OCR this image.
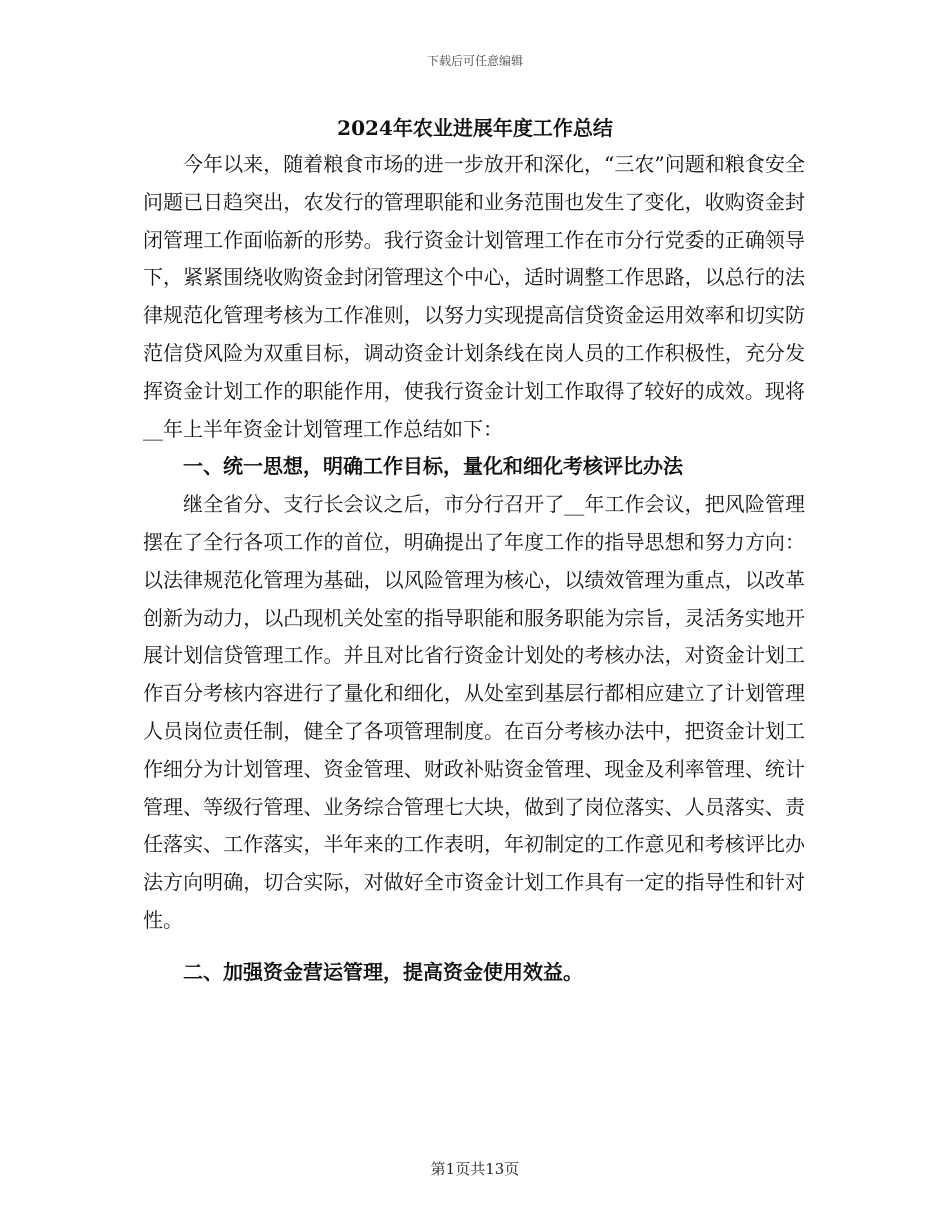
下载后可任意编辑
2024年农业进展年度工作总结

今年以来，随着粮食市场的进一步放开和深化，“三农”问题和粮食安全问题已日趋突出，农发行的管理职能和业务范围也发生了变化，收购资金封闭管理工作面临新的形势。我行资金计划管理工作在市分行党委的正确领导下，紧紧围绕收购资金封闭管理这个中心，适时调整工作思路，以总行的法律规范化管理考核为工作准则，以努力实现提高信贷资金运用效率和切实防范信贷风险为双重目标，调动资金计划条线在岗人员的工作积极性，充分发挥资金计划工作的职能作用，使我行资金计划工作取得了较好的成效。现将__年上半年资金计划管理工作总结如下：

一、统一思想，明确工作目标，量化和细化考核评比办法

继全省分、支行长会议之后，市分行召开了__年工作会议，把风险管理摆在了全行各项工作的首位，明确提出了年度工作的指导思想和努力方向：以法律规范化管理为基础，以风险管理为核心，以绩效管理为重点，以改革创新为动力，以凸现机关处室的指导职能和服务职能为宗旨，灵活务实地开展计划信贷管理工作。并且对比省行资金计划处的考核办法，对资金计划工作百分考核内容进行了量化和细化，从处室到基层行都相应建立了计划管理人员岗位责任制，健全了各项管理制度。在百分考核办法中，把资金计划工作细分为计划管理、资金管理、财政补贴资金管理、现金及利率管理、统计管理、等级行管理、业务综合管理七大块，做到了岗位落实、人员落实、责任落实、工作落实，半年来的工作表明，年初制定的工作意见和考核评比办法方向明确，切合实际，对做好全市资金计划工作具有一定的指导性和针对性。

二、加强资金营运管理，提高资金使用效益。
第1页共13页
